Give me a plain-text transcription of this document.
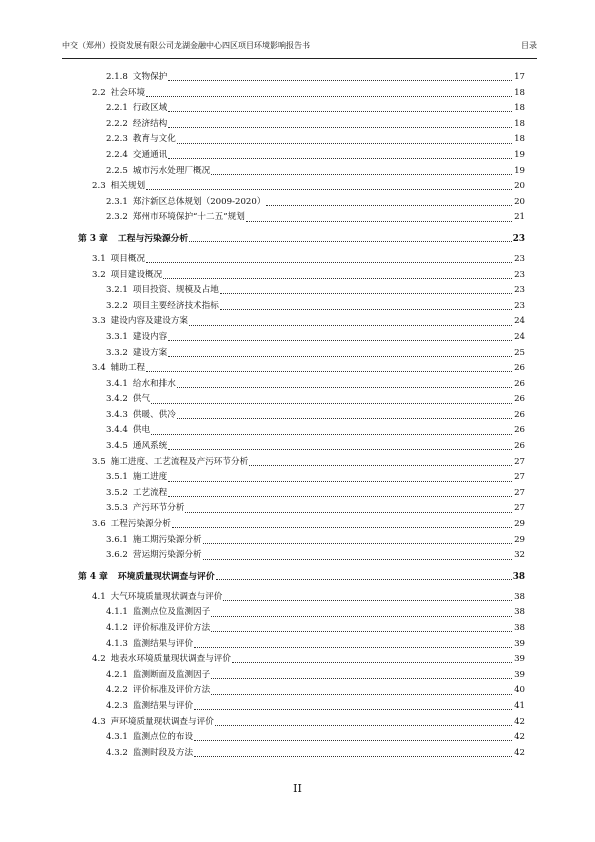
中交（郑州）投资发展有限公司龙湖金融中心四区项目环境影响报告书	目录
2.1.8 文物保护	17
2.2 社会环境	18
2.2.1 行政区域	18
2.2.2 经济结构	18
2.2.3 教育与文化	18
2.2.4 交通通讯	19
2.2.5 城市污水处理厂概况	19
2.3 相关规划	20
2.3.1 郑汴新区总体规划（2009-2020）	20
2.3.2 郑州市环境保护“十二五”规划	21
第 3 章 工程与污染源分析	23
3.1 项目概况	23
3.2 项目建设概况	23
3.2.1 项目投资、规模及占地	23
3.2.2 项目主要经济技术指标	23
3.3 建设内容及建设方案	24
3.3.1 建设内容	24
3.3.2 建设方案	25
3.4 辅助工程	26
3.4.1 给水和排水	26
3.4.2 供气	26
3.4.3 供暖、供冷	26
3.4.4 供电	26
3.4.5 通风系统	26
3.5 施工进度、工艺流程及产污环节分析	27
3.5.1 施工进度	27
3.5.2 工艺流程	27
3.5.3 产污环节分析	27
3.6 工程污染源分析	29
3.6.1 施工期污染源分析	29
3.6.2 营运期污染源分析	32
第 4 章 环境质量现状调查与评价	38
4.1 大气环境质量现状调查与评价	38
4.1.1 监测点位及监测因子	38
4.1.2 评价标准及评价方法	38
4.1.3 监测结果与评价	39
4.2 地表水环境质量现状调查与评价	39
4.2.1 监测断面及监测因子	39
4.2.2 评价标准及评价方法	40
4.2.3 监测结果与评价	41
4.3 声环境质量现状调查与评价	42
4.3.1 监测点位的布设	42
4.3.2 监测时段及方法	42
II
